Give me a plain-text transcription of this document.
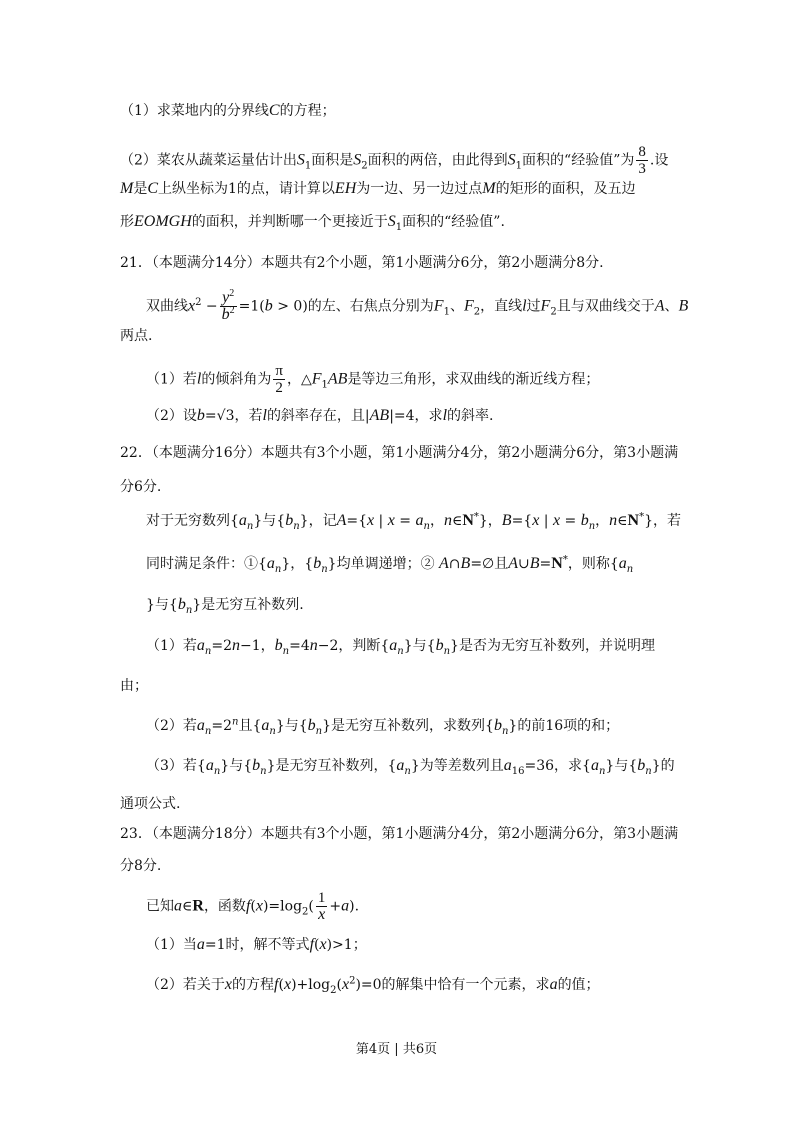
（1）求菜地内的分界线C的方程；
（2）菜农从蔬菜运量估计出$S_1$面积是$S_2$面积的两倍，由此得到$S_1$面积的“经验值”为 $\frac{8}{3}$ .设
M是C上纵坐标为1的点，请计算以EH为一边、另一边过点M的矩形的面积，及五边
形EOMGH的面积，并判断哪一个更接近于$S_1$面积的“经验值”.
21．（本题满分14分）本题共有2个小题，第1小题满分6分，第2小题满分8分.
双曲线$x^2 - \frac{y^2}{b^2} =1(b > 0)$的左、右焦点分别为$F_1$、$F_2$，直线l过$F_2$且与双曲线交于A、B
两点.
（1）若l的倾斜角为 $\frac{\pi}{2}$ ，$\triangle F_1AB$是等边三角形，求双曲线的渐近线方程；
（2）设b=√3，若l的斜率存在，且|AB|=4，求l的斜率.
22．（本题满分16分）本题共有3个小题，第1小题满分4分，第2小题满分6分，第3小题满
分6分.
对于无穷数列$\{a_n\}$与$\{b_n\}$，记A={x | $x = a_n$，n∈N*}，B={x | $x = b_n$，n∈N*}，若
同时满足条件：$①\{a_n\}$，$\{b_n\}$均单调递增；② A∩B=∅且A∪B=N*，则称{$a_n$
}与$\{b_n\}$是无穷互补数列.
（1）若$a_n=2n-1$，$b_n=4n-2$，判断$\{a_n\}$与$\{b_n\}$是否为无穷互补数列，并说明理
由；
（2）若$a_n=2^n$且$\{a_n\}$与$\{b_n\}$是无穷互补数列，求数列$\{b_n\}$的前16项的和；
（3）若$\{a_n\}$与$\{b_n\}$是无穷互补数列，$\{a_n\}$为等差数列且$a_{16}=36$，求$\{a_n\}$与$\{b_n\}$的
通项公式.
23．（本题满分18分）本题共有3个小题，第1小题满分4分，第2小题满分6分，第3小题满
分8分.
已知a∈R，函数$f(x)=\log_2( \frac{1}{x} +a)$.
（1）当a=1时，解不等式f(x)>1；
（2）若关于x的方程$f(x)+\log_2(x^2)=0$的解集中恰有一个元素，求a的值；
第4页 | 共6页
